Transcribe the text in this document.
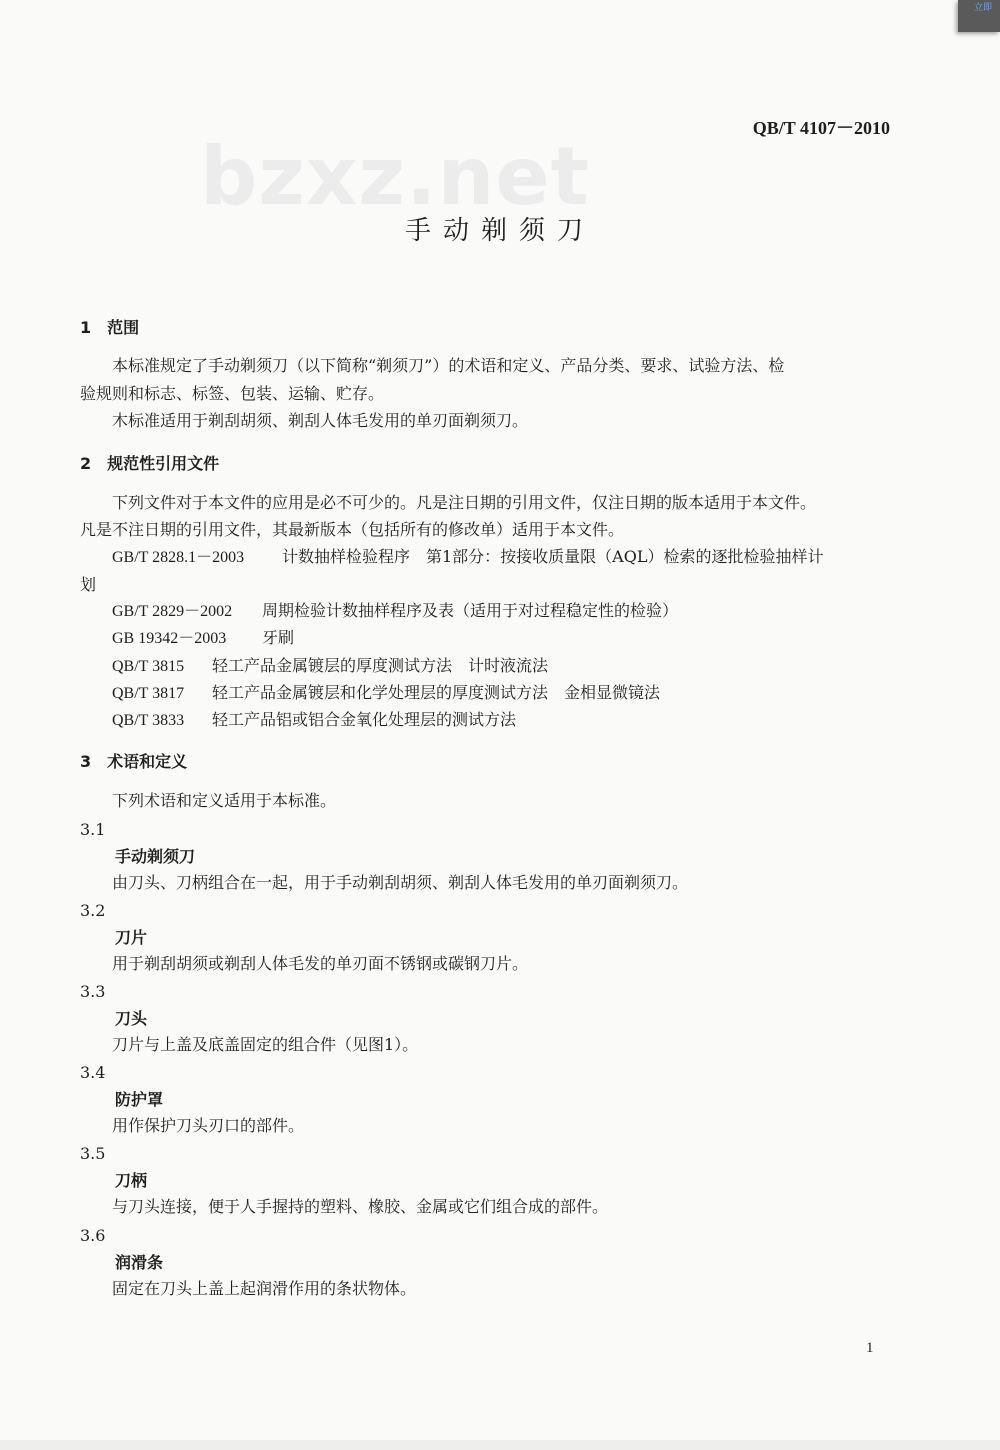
立即
bzxz.net
QB/T 4107－2010
手动剃须刀
1　范围
本标准规定了手动剃须刀（以下简称“剃须刀”）的术语和定义、产品分类、要求、试验方法、检
验规则和标志、标签、包装、运输、贮存。
木标准适用于剃刮胡须、剃刮人体毛发用的单刃面剃须刀。
2　规范性引用文件
下列文件对于本文件的应用是必不可少的。凡是注日期的引用文件，仅注日期的版本适用于本文件。
凡是不注日期的引用文件，其最新版本（包括所有的修改单）适用于本文件。
GB/T 2828.1－2003 计数抽样检验程序　第1部分：按接收质量限（AQL）检索的逐批检验抽样计
划
GB/T 2829－2002 周期检验计数抽样程序及表（适用于对过程稳定性的检验）
GB 19342－2003 牙刷
QB/T 3815 轻工产品金属镀层的厚度测试方法　计时液流法
QB/T 3817 轻工产品金属镀层和化学处理层的厚度测试方法　金相显微镜法
QB/T 3833 轻工产品铝或铝合金氧化处理层的测试方法
3　术语和定义
下列术语和定义适用于本标准。
3.1
手动剃须刀
由刀头、刀柄组合在一起，用于手动剃刮胡须、剃刮人体毛发用的单刃面剃须刀。
3.2
刀片
用于剃刮胡须或剃刮人体毛发的单刃面不锈钢或碳钢刀片。
3.3
刀头
刀片与上盖及底盖固定的组合件（见图1）。
3.4
防护罩
用作保护刀头刃口的部件。
3.5
刀柄
与刀头连接，便于人手握持的塑料、橡胶、金属或它们组合成的部件。
3.6
润滑条
固定在刀头上盖上起润滑作用的条状物体。
1
